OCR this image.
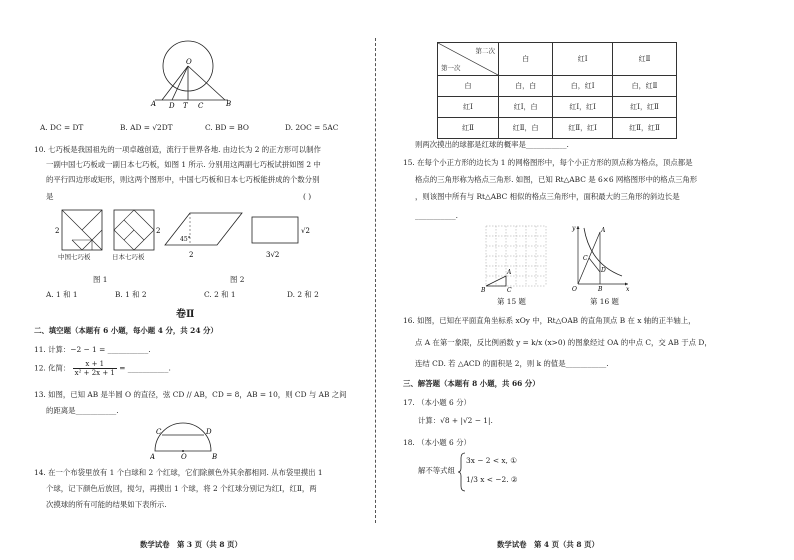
O
A D T C	B
A. DC = DT	B. AD = √2DT	C. BD = BO	D. 2OC = 5AC
10. 七巧板是我国祖先的一项卓越创造，流行于世界各地. 由边长为 2 的正方形可以制作
一副中国七巧板或一副日本七巧板，如图 1 所示. 分别用这两副七巧板试拼如图 2 中
的平行四边形或矩形，则这两个图形中，中国七巧板和日本七巧板能拼成的个数分别
是	( )
2	2
中国七巧板	日本七巧板
图 1
45°
2
√2
3√2
图 2
A. 1 和 1	B. 1 和 2	C. 2 和 1	D. 2 和 2
卷Ⅱ
二、填空题（本题有 6 小题，每小题 4 分，共 24 分）
11. 计算：−2 − 1 = ___________.
12. 化简： $\frac{x + 1}{\text{x² + 2x + 1}}$ = ___________.
13. 如图，已知 AB 是半圆 O 的直径，弦 CD // AB，CD = 8，AB = 10，则 CD 与 AB 之间
的距离是___________.
C	D
A	O	B
14. 在一个布袋里放有 1 个白球和 2 个红球，它们除颜色外其余都相同. 从布袋里摸出 1
个球，记下颜色后放回，搅匀，再摸出 1 个球，将 2 个红球分别记为红Ⅰ，红Ⅱ，两
次摸球的所有可能的结果如下表所示.
数学试卷　第 3 页（共 8 页）
第二次
第一次	白	红Ⅰ	红Ⅱ
白	白，白	白，红Ⅰ	白，红Ⅱ
红Ⅰ	红Ⅰ，白	红Ⅰ，红Ⅰ	红Ⅰ，红Ⅱ
红Ⅱ	红Ⅱ，白	红Ⅱ，红Ⅰ	红Ⅱ，红Ⅱ
则两次摸出的球都是红球的概率是___________.
15. 在每个小正方形的边长为 1 的网格图形中，每个小正方形的顶点称为格点，顶点都是
格点的三角形称为格点三角形. 如图，已知 Rt△ABC 是 6×6 网格图形中的格点三角形
，则该图中所有与 Rt△ABC 相似的格点三角形中，面积最大的三角形的斜边长是
___________.
A
B	C
第 15 题
y
x
O
A
C
D
B
第 16 题
16. 如图，已知在平面直角坐标系 xOy 中，Rt△OAB 的直角顶点 B 在 x 轴的正半轴上，
点 A 在第一象限，反比例函数 y = k/x (x>0) 的图象经过 OA 的中点 C，交 AB 于点 D，
连结 CD. 若 △ACD 的面积是 2，则 k 的值是___________.
三、解答题（本题有 8 小题，共 66 分）
17. （本小题 6 分）
计算：√8 + |√2 − 1|.
18. （本小题 6 分）
解不等式组
3x − 2 < x, ①
1/3 x < −2. ②
数学试卷　第 4 页（共 8 页）
